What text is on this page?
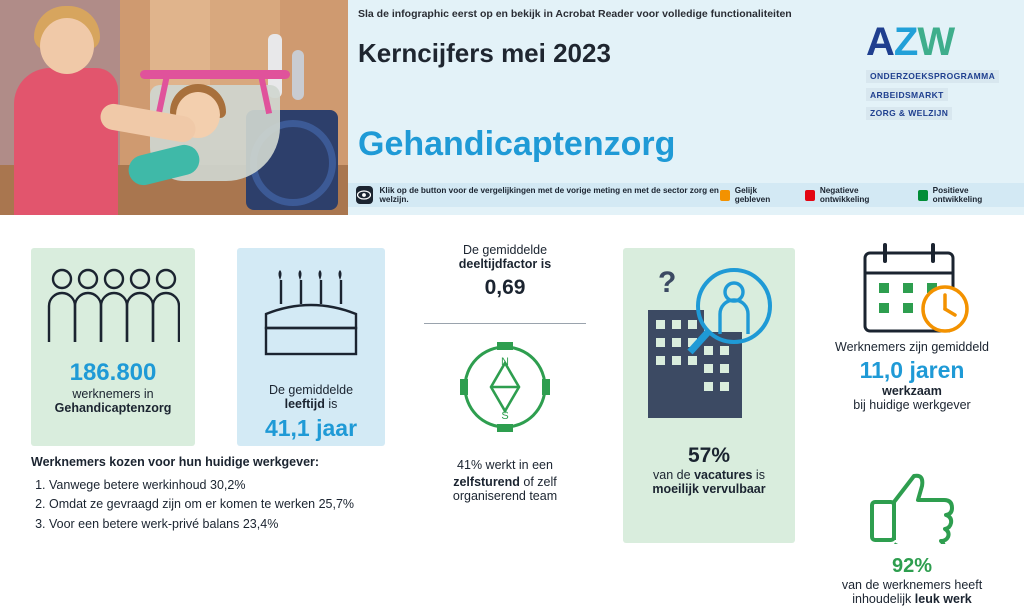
Sla de infographic eerst op en bekijk in Acrobat Reader voor volledige functionaliteiten
Kerncijfers mei 2023
Gehandicaptenzorg
AZW
ONDERZOEKSPROGRAMMA
ARBEIDSMARKT
ZORG & WELZIJN
Klik op de button voor de vergelijkingen met de vorige meting en met de sector zorg en welzijn.
Gelijk gebleven
Negatieve ontwikkeling
Positieve ontwikkeling
186.800
werknemers in
Gehandicaptenzorg
De gemiddelde
leeftijd is
41,1 jaar
Werknemers kozen voor hun huidige werkgever:
1. Vanwege betere werkinhoud 30,2%
2. Omdat ze gevraagd zijn om er komen te werken 25,7%
3. Voor een betere werk-privé balans 23,4%
De gemiddelde
deeltijdfactor is
0,69
N
S
41% werkt in een
zelfsturend of zelf
organiserend team
?
57%
van de vacatures is
moeilijk vervulbaar
Werknemers zijn gemiddeld
11,0 jaren
werkzaam
bij huidige werkgever
92%
van de werknemers heeft
inhoudelijk leuk werk
